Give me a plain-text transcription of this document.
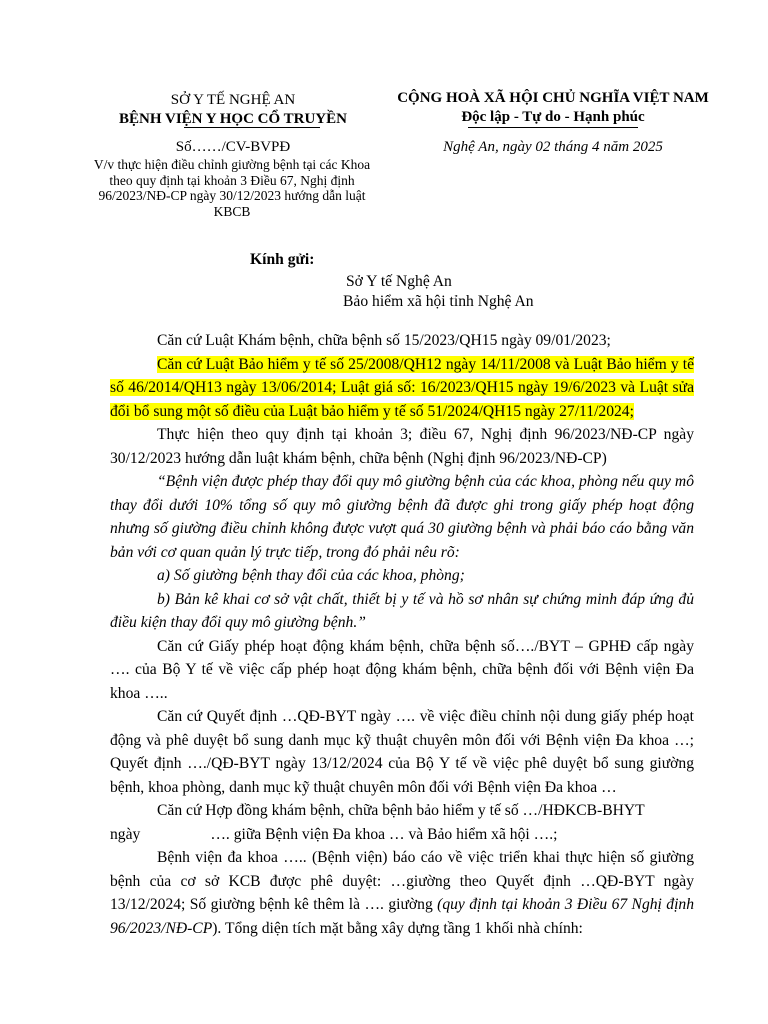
SỞ Y TẾ NGHỆ AN
BỆNH VIỆN Y HỌC CỔ TRUYỀN
Số……/CV-BVPĐ
V/v thực hiện điều chỉnh giường bệnh tại các Khoa theo quy định tại khoản 3 Điều 67, Nghị định 96/2023/NĐ-CP ngày 30/12/2023 hướng dẫn luật KBCB
CỘNG HOÀ XÃ HỘI CHỦ NGHĨA VIỆT NAM
Độc lập - Tự do - Hạnh phúc
Nghệ An, ngày 02 tháng 4 năm 2025
Kính gửi:
Sở Y tế Nghệ An
Bảo hiểm xã hội tỉnh Nghệ An

Căn cứ Luật Khám bệnh, chữa bệnh số 15/2023/QH15 ngày 09/01/2023;

Căn cứ Luật Bảo hiểm y tế số 25/2008/QH12 ngày 14/11/2008 và Luật Bảo hiểm y tế số 46/2014/QH13 ngày 13/06/2014; Luật giá số: 16/2023/QH15 ngày 19/6/2023 và Luật sửa đổi bổ sung một số điều của Luật bảo hiểm y tế số 51/2024/QH15 ngày 27/11/2024;

Thực hiện theo quy định tại khoản 3; điều 67, Nghị định 96/2023/NĐ-CP ngày 30/12/2023 hướng dẫn luật khám bệnh, chữa bệnh (Nghị định 96/2023/NĐ-CP)

“Bệnh viện được phép thay đổi quy mô giường bệnh của các khoa, phòng nếu quy mô thay đổi dưới 10% tổng số quy mô giường bệnh đã được ghi trong giấy phép hoạt động nhưng số giường điều chỉnh không được vượt quá 30 giường bệnh và phải báo cáo bằng văn bản với cơ quan quản lý trực tiếp, trong đó phải nêu rõ:

a) Số giường bệnh thay đổi của các khoa, phòng;

b) Bản kê khai cơ sở vật chất, thiết bị y tế và hồ sơ nhân sự chứng minh đáp ứng đủ điều kiện thay đổi quy mô giường bệnh.”

Căn cứ Giấy phép hoạt động khám bệnh, chữa bệnh số…./BYT – GPHĐ cấp ngày …. của Bộ Y tế về việc cấp phép hoạt động khám bệnh, chữa bệnh đối với Bệnh viện Đa khoa …..

Căn cứ Quyết định …QĐ-BYT ngày …. về việc điều chỉnh nội dung giấy phép hoạt động và phê duyệt bổ sung danh mục kỹ thuật chuyên môn đối với Bệnh viện Đa khoa …; Quyết định …./QĐ-BYT ngày 13/12/2024 của Bộ Y tế về việc phê duyệt bổ sung giường bệnh, khoa phòng, danh mục kỹ thuật chuyên môn đối với Bệnh viện Đa khoa …

Căn cứ Hợp đồng khám bệnh, chữa bệnh bảo hiểm y tế số …/HĐKCB-BHYT

ngày	…. giữa Bệnh viện Đa khoa … và Bảo hiểm xã hội ….;

Bệnh viện đa khoa ….. (Bệnh viện) báo cáo về việc triển khai thực hiện số giường bệnh của cơ sở KCB được phê duyệt: …giường theo Quyết định …QĐ-BYT ngày 13/12/2024; Số giường bệnh kê thêm là …. giường (quy định tại khoản 3 Điều 67 Nghị định 96/2023/NĐ-CP). Tổng diện tích mặt bằng xây dựng tầng 1 khối nhà chính:
